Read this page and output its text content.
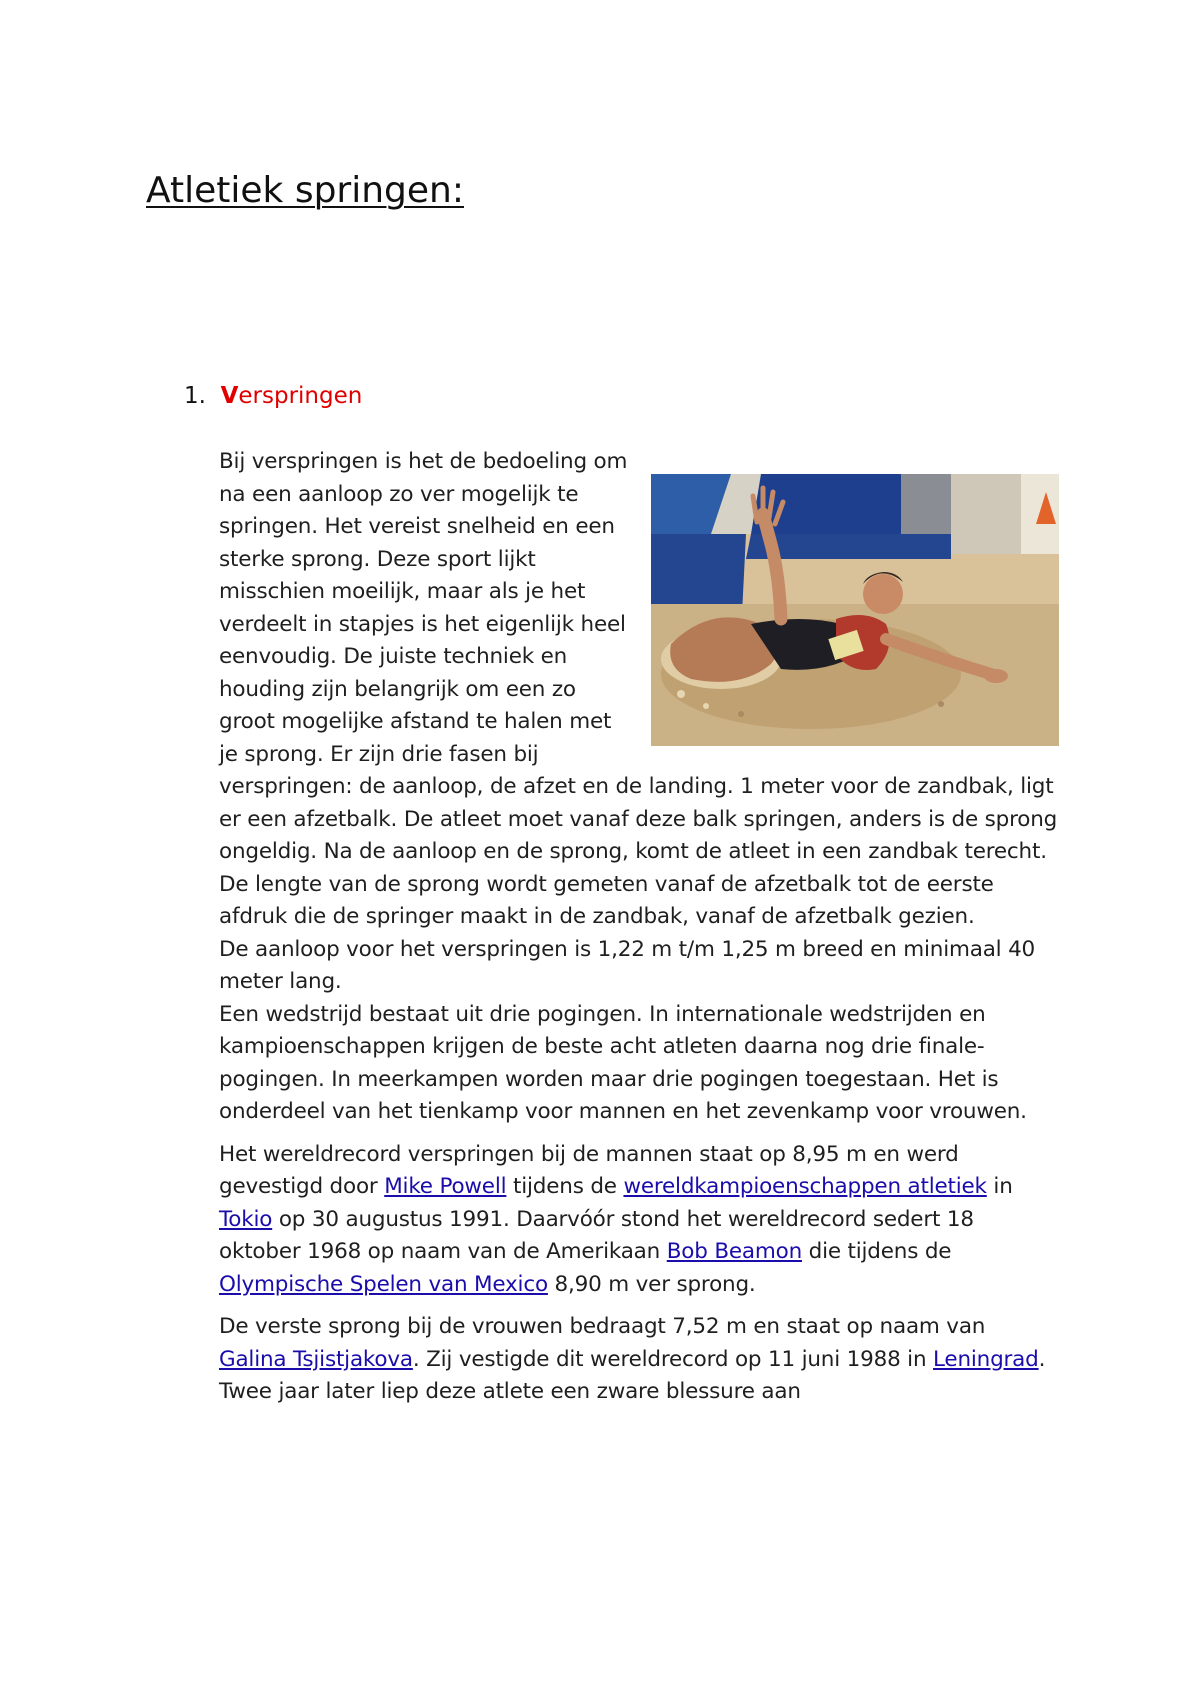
Atletiek springen:
1. Verspringen

Bij verspringen is het de bedoeling om na een aanloop zo ver mogelijk te springen. Het vereist snelheid en een sterke sprong. Deze sport lijkt misschien moeilijk, maar als je het verdeelt in stapjes is het eigenlijk heel eenvoudig. De juiste techniek en houding zijn belangrijk om een zo groot mogelijke afstand te halen met je sprong. Er zijn drie fasen bij verspringen: de aanloop, de afzet en de landing. 1 meter voor de zandbak, ligt er een afzetbalk. De atleet moet vanaf deze balk springen, anders is de sprong ongeldig. Na de aanloop en de sprong, komt de atleet in een zandbak terecht. De lengte van de sprong wordt gemeten vanaf de afzetbalk tot de eerste afdruk die de springer maakt in de zandbak, vanaf de afzetbalk gezien.

De aanloop voor het verspringen is 1,22 m t/m 1,25 m breed en minimaal 40 meter lang.

Een wedstrijd bestaat uit drie pogingen. In internationale wedstrijden en kampioenschappen krijgen de beste acht atleten daarna nog drie finale-pogingen. In meerkampen worden maar drie pogingen toegestaan. Het is onderdeel van het tienkamp voor mannen en het zevenkamp voor vrouwen.

Het wereldrecord verspringen bij de mannen staat op 8,95 m en werd gevestigd door Mike Powell tijdens de wereldkampioenschappen atletiek in Tokio op 30 augustus 1991. Daarvóór stond het wereldrecord sedert 18 oktober 1968 op naam van de Amerikaan Bob Beamon die tijdens de Olympische Spelen van Mexico 8,90 m ver sprong.

De verste sprong bij de vrouwen bedraagt 7,52 m en staat op naam van Galina Tsjistjakova. Zij vestigde dit wereldrecord op 11 juni 1988 in Leningrad. Twee jaar later liep deze atlete een zware blessure aan
